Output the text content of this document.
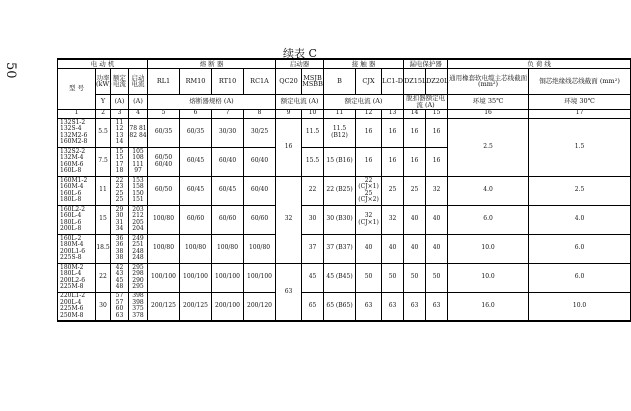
50
续表 C
电 动 机				熔 断 器				启动器		接 触 器			漏电保护器		负 荷 线	
型 号	功率 (kW)	额定电流	启动电流	RL1	RM10	RT10	RC1A	QC20	MSJB MSBB	B	CJX	LC1-D	DZ15L	DZ20L	通用橡套软电缆主芯线截面 (mm²)	铜芯绝缘线芯线截面 (mm²)
	Y	(A)	(A)	熔断器规格 (A)				额定电流 (A)		额定电流 (A)			脱扣器额定电流 (A)		环境 35℃	环境 30℃
1	2	3	4	5	6	7	8	9	10	11	12	13	14	15	16	17
132S1-2 132S-4 132M2-6 160M2-8	5.5	11 12 13 14	78 81 82 84	60/35	60/35	30/30	30/25	16	11.5	11.5 (B12)	16	16	16	16	2.5	1.5
132S2-2 132M-4 160M-6 160L-8	7.5	15 15 17 18	105 108 111 97	60/50 60/40	60/45	60/40	60/40		15.5	15 (B16)	16	16	16	16		
160M1-2 160M-4 160L-6 180L-8	11	22 23 25 25	153 158 150 151	60/50	60/45	60/45	60/40	32	22	22 (B25)	22 (CJ×1) 25 (CJ×2)	25	25	32	4.0	2.5
160L2-2 160L-4 180L-6 200L-8	15	29 30 31 34	203 212 205 204	100/80	60/60	60/60	60/60		30	30 (B30)	32 (CJ×1)	32	40	40	6.0	4.0
160L-2 180M-4 200L1-6 225S-8	18.5	36 36 38 38	249 251 248 248	100/80	100/80	100/80	100/80		37	37 (B37)	40	40	40	40	10.0	6.0
180M-2 180L-4 200L2-6 225M-8	22	42 43 45 48	295 298 290 295	100/100	100/100	100/100	100/100	63	45	45 (B45)	50	50	50	50	10.0	6.0
220L1-2 200L-4 225M-6 250M-8	30	57 57 60 63	398 398 375 378	200/125	200/125	200/100	200/120		65	65 (B65)	63	63	63	63	16.0	10.0
